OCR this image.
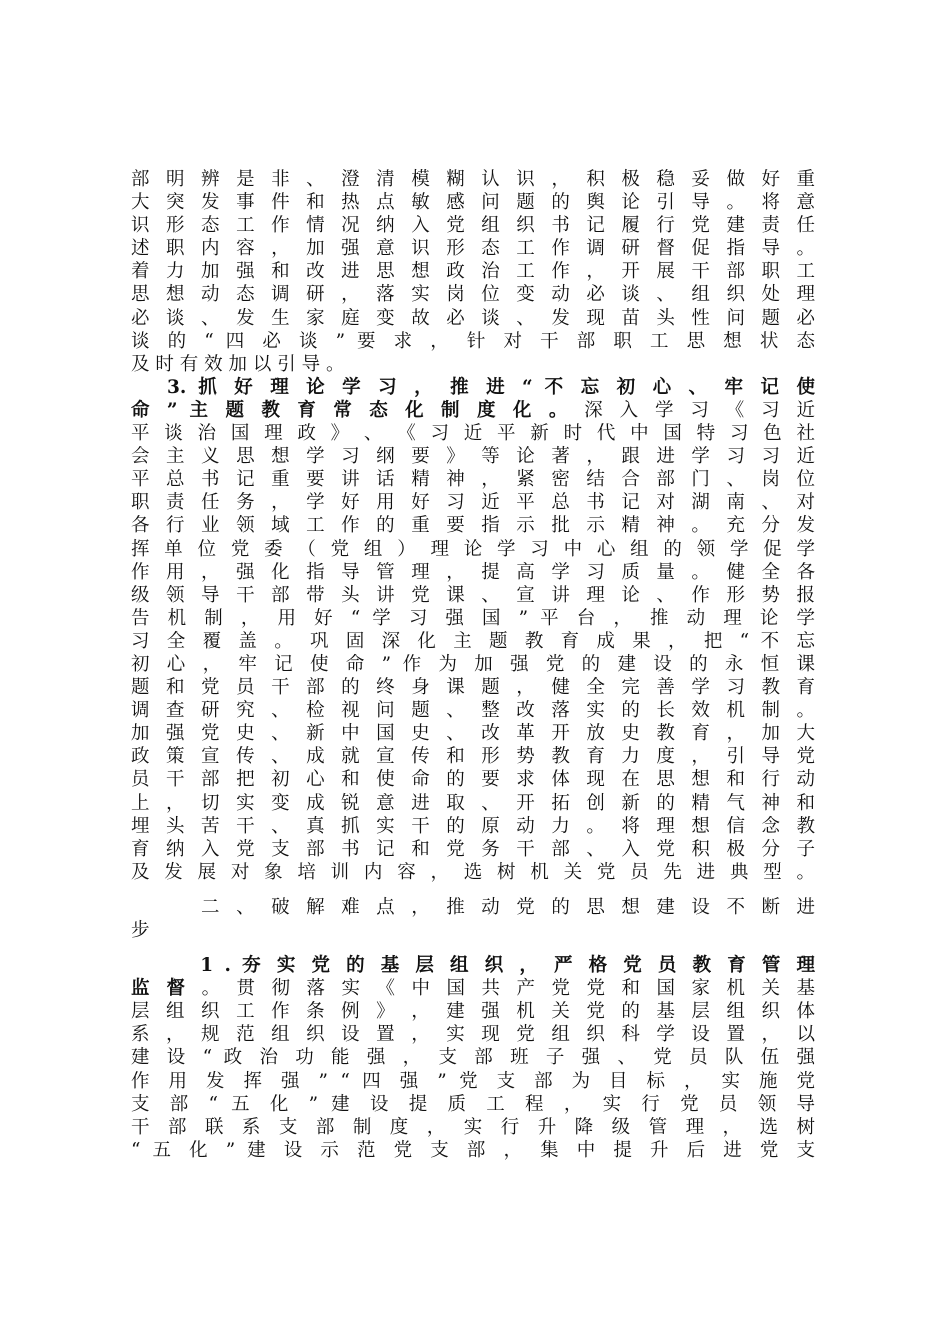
部 明 辨 是 非 、 澄 清 模 糊 认 识 ， 积 极 稳 妥 做 好 重
大 突 发 事 件 和 热 点 敏 感 问 题 的 舆 论 引 导 。 将 意
识 形 态 工 作 情 况 纳 入 党 组 织 书 记 履 行 党 建 责 任
述 职 内 容 ， 加 强 意 识 形 态 工 作 调 研 督 促 指 导 。
着 力 加 强 和 改 进 思 想 政 治 工 作 ， 开 展 干 部 职 工
思 想 动 态 调 研 ， 落 实 岗 位 变 动 必 谈 、 组 织 处 理
必 谈 、 发 生 家 庭 变 故 必 谈 、 发 现 苗 头 性 问 题 必
谈 的 “ 四 必 谈 ” 要 求 ， 针 对 干 部 职 工 思 想 状 态
及 时 有 效 加 以 引 导 。
　 3. 抓 好 理 论 学 习 ， 推 进 “ 不 忘 初 心 、 牢 记 使
命 ” 主 题 教 育 常 态 化 制 度 化 。 深 入 学 习 《 习 近
平 谈 治 国 理 政 》 、 《 习 近 平 新 时 代 中 国 特 习 色 社
会 主 义 思 想 学 习 纲 要 》 等 论 著 ， 跟 进 学 习 习 近
平 总 书 记 重 要 讲 话 精 神 ， 紧 密 结 合 部 门 、 岗 位
职 责 任 务 ， 学 好 用 好 习 近 平 总 书 记 对 湖 南 、 对
各 行 业 领 域 工 作 的 重 要 指 示 批 示 精 神 。 充 分 发
挥 单 位 党 委 （ 党 组 ） 理 论 学 习 中 心 组 的 领 学 促 学
作 用 ， 强 化 指 导 管 理 ， 提 高 学 习 质 量 。 健 全 各
级 领 导 干 部 带 头 讲 党 课 、 宣 讲 理 论 、 作 形 势 报
告 机 制 ， 用 好 “ 学 习 强 国 ” 平 台 ， 推 动 理 论 学
习 全 覆 盖 。 巩 固 深 化 主 题 教 育 成 果 ， 把 “ 不 忘
初 心 ， 牢 记 使 命 ” 作 为 加 强 党 的 建 设 的 永 恒 课
题 和 党 员 干 部 的 终 身 课 题 ， 健 全 完 善 学 习 教 育
调 查 研 究 、 检 视 问 题 、 整 改 落 实 的 长 效 机 制 。
加 强 党 史 、 新 中 国 史 、 改 革 开 放 史 教 育 ， 加 大
政 策 宣 传 、 成 就 宣 传 和 形 势 教 育 力 度 ， 引 导 党
员 干 部 把 初 心 和 使 命 的 要 求 体 现 在 思 想 和 行 动
上 ， 切 实 变 成 锐 意 进 取 、 开 拓 创 新 的 精 气 神 和
埋 头 苦 干 、 真 抓 实 干 的 原 动 力 。 将 理 想 信 念 教
育 纳 入 党 支 部 书 记 和 党 务 干 部 、 入 党 积 极 分 子
及 发 展 对 象 培 训 内 容 ， 选 树 机 关 党 员 先 进 典 型 。
　 　 二 、 破 解 难 点 ， 推 动 党 的 思 想 建 设 不 断 进
步
　 　 1 . 夯 实 党 的 基 层 组 织 ， 严 格 党 员 教 育 管 理
监 督 。 贯 彻 落 实 《 中 国 共 产 党 党 和 国 家 机 关 基
层 组 织 工 作 条 例 》 ， 建 强 机 关 党 的 基 层 组 织 体
系 ， 规 范 组 织 设 置 ， 实 现 党 组 织 科 学 设 置 ， 以
建 设 “ 政 治 功 能 强 ， 支 部 班 子 强 、 党 员 队 伍 强
作 用 发 挥 强 ” “ 四 强 ” 党 支 部 为 目 标 ， 实 施 党
支 部 “ 五 化 ” 建 设 提 质 工 程 ， 实 行 党 员 领 导
干 部 联 系 支 部 制 度 ， 实 行 升 降 级 管 理 ， 选 树
“ 五 化 ” 建 设 示 范 党 支 部 ， 集 中 提 升 后 进 党 支
